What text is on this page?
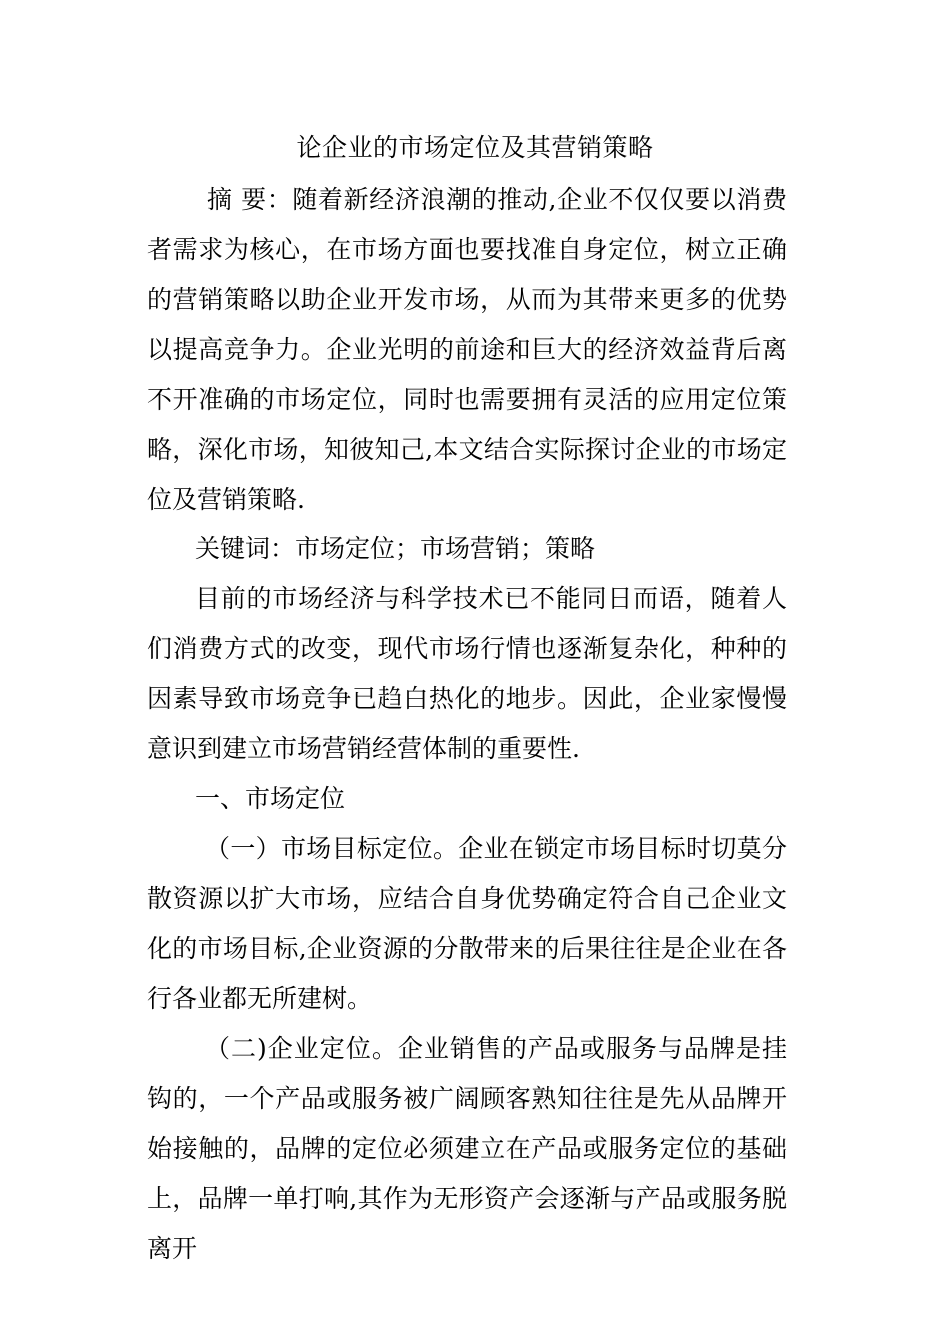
论企业的市场定位及其营销策略
摘 要：随着新经济浪潮的推动,企业不仅仅要以消费者需求为核心，在市场方面也要找准自身定位，树立正确的营销策略以助企业开发市场，从而为其带来更多的优势以提高竞争力。企业光明的前途和巨大的经济效益背后离不开准确的市场定位，同时也需要拥有灵活的应用定位策略，深化市场，知彼知己,本文结合实际探讨企业的市场定位及营销策略.
关键词：市场定位；市场营销；策略
目前的市场经济与科学技术已不能同日而语，随着人们消费方式的改变，现代市场行情也逐渐复杂化，种种的因素导致市场竞争已趋白热化的地步。因此，企业家慢慢意识到建立市场营销经营体制的重要性.
一、市场定位
（一）市场目标定位。企业在锁定市场目标时切莫分散资源以扩大市场，应结合自身优势确定符合自己企业文化的市场目标,企业资源的分散带来的后果往往是企业在各行各业都无所建树。
（二)企业定位。企业销售的产品或服务与品牌是挂钩的，一个产品或服务被广阔顾客熟知往往是先从品牌开始接触的，品牌的定位必须建立在产品或服务定位的基础上，品牌一单打响,其作为无形资产会逐渐与产品或服务脱离开
